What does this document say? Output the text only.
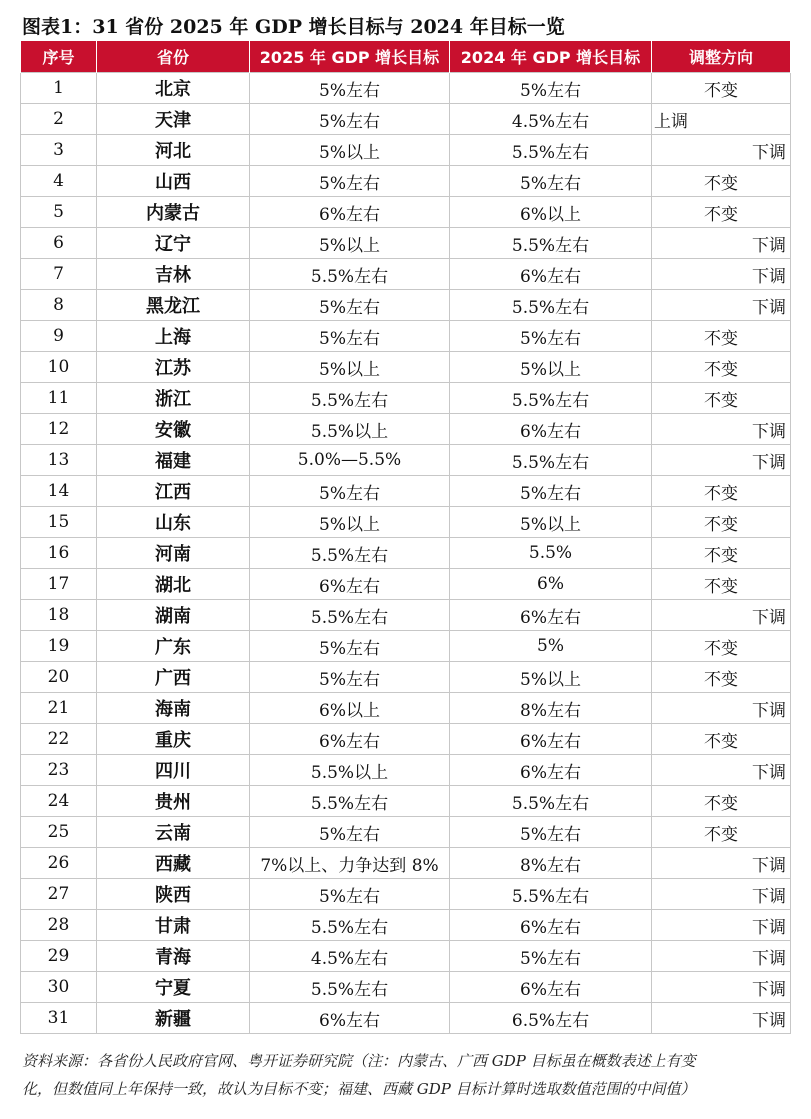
图表1：31 省份 2025 年 GDP 增长目标与 2024 年目标一览
序号	省份	2025 年 GDP 增长目标	2024 年 GDP 增长目标	调整方向
1	北京	5%左右	5%左右	不变

2	天津	5%左右	4.5%左右	上调

3	河北	5%以上	5.5%左右	下调

4	山西	5%左右	5%左右	不变

5	内蒙古	6%左右	6%以上	不变

6	辽宁	5%以上	5.5%左右	下调

7	吉林	5.5%左右	6%左右	下调

8	黑龙江	5%左右	5.5%左右	下调

9	上海	5%左右	5%左右	不变

10	江苏	5%以上	5%以上	不变

11	浙江	5.5%左右	5.5%左右	不变

12	安徽	5.5%以上	6%左右	下调

13	福建	5.0%—5.5%	5.5%左右	下调

14	江西	5%左右	5%左右	不变

15	山东	5%以上	5%以上	不变

16	河南	5.5%左右	5.5%	不变

17	湖北	6%左右	6%	不变

18	湖南	5.5%左右	6%左右	下调

19	广东	5%左右	5%	不变

20	广西	5%左右	5%以上	不变

21	海南	6%以上	8%左右	下调

22	重庆	6%左右	6%左右	不变

23	四川	5.5%以上	6%左右	下调

24	贵州	5.5%左右	5.5%左右	不变

25	云南	5%左右	5%左右	不变

26	西藏	7%以上、力争达到 8%	8%左右	下调

27	陕西	5%左右	5.5%左右	下调

28	甘肃	5.5%左右	6%左右	下调

29	青海	4.5%左右	5%左右	下调

30	宁夏	5.5%左右	6%左右	下调

31	新疆	6%左右	6.5%左右	下调

资料来源：各省份人民政府官网、粤开证券研究院（注：内蒙古、广西 GDP 目标虽在概数表述上有变

化，但数值同上年保持一致，故认为目标不变；福建、西藏 GDP 目标计算时选取数值范围的中间值）
